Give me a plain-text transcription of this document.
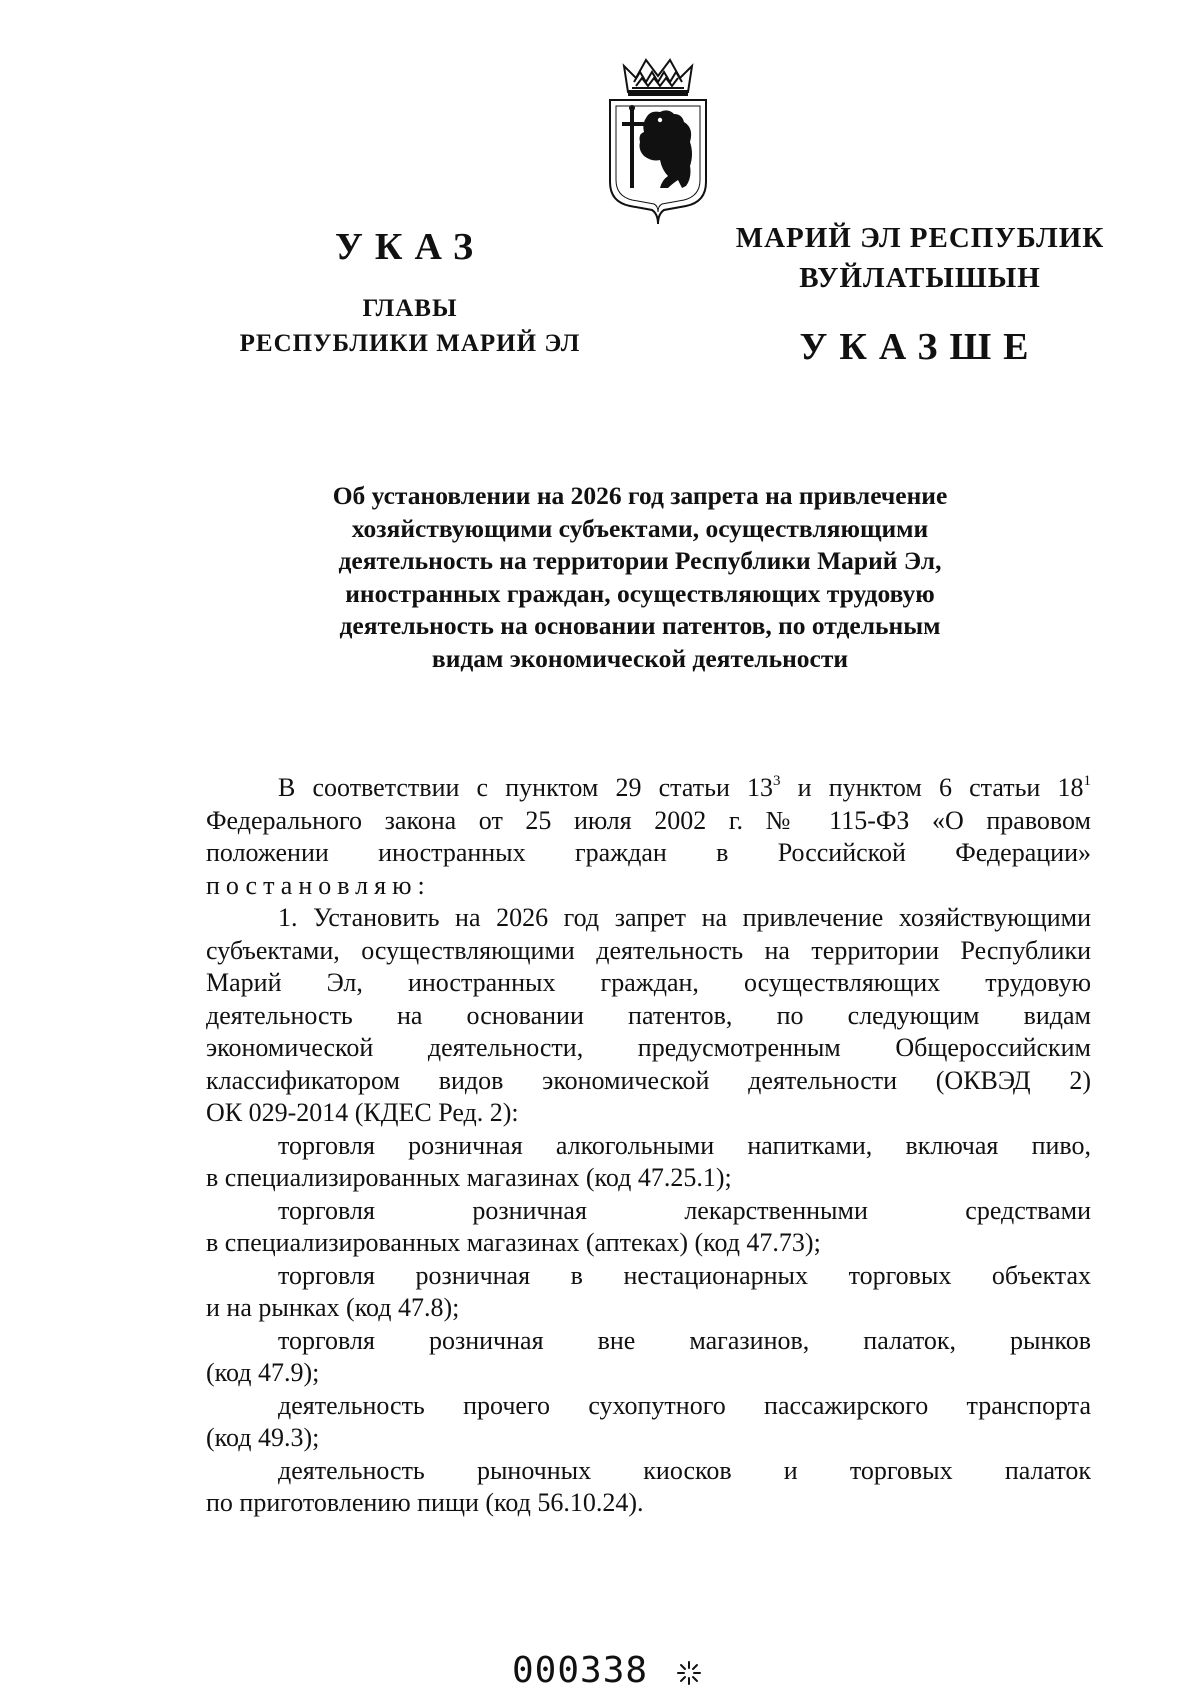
УКАЗ
ГЛАВЫ
РЕСПУБЛИКИ МАРИЙ ЭЛ
МАРИЙ ЭЛ РЕСПУБЛИК
ВУЙЛАТЫШЫН
УКАЗШЕ
Об установлении на 2026 год запрета на привлечение
хозяйствующими субъектами, осуществляющими
деятельность на территории Республики Марий Эл,
иностранных граждан, осуществляющих трудовую
деятельность на основании патентов, по отдельным
видам экономической деятельности
В соответствии с пунктом 29 статьи $13^3$ и пунктом 6 статьи $18^1$
Федерального закона от 25 июля 2002 г. № 115-ФЗ «О правовом
положении иностранных граждан в Российской Федерации»
постановляю:
1. Установить на 2026 год запрет на привлечение хозяйствующими
субъектами, осуществляющими деятельность на территории Республики
Марий Эл, иностранных граждан, осуществляющих трудовую
деятельность на основании патентов, по следующим видам
экономической деятельности, предусмотренным Общероссийским
классификатором видов экономической деятельности (ОКВЭД 2)
ОК 029-2014 (КДЕС Ред. 2):
торговля розничная алкогольными напитками, включая пиво,
в специализированных магазинах (код 47.25.1);
торговля розничная лекарственными средствами
в специализированных магазинах (аптеках) (код 47.73);
торговля розничная в нестационарных торговых объектах
и на рынках (код 47.8);
торговля розничная вне магазинов, палаток, рынков
(код 47.9);
деятельность прочего сухопутного пассажирского транспорта
(код 49.3);
деятельность рыночных киосков и торговых палаток
по приготовлению пищи (код 56.10.24).
000338
